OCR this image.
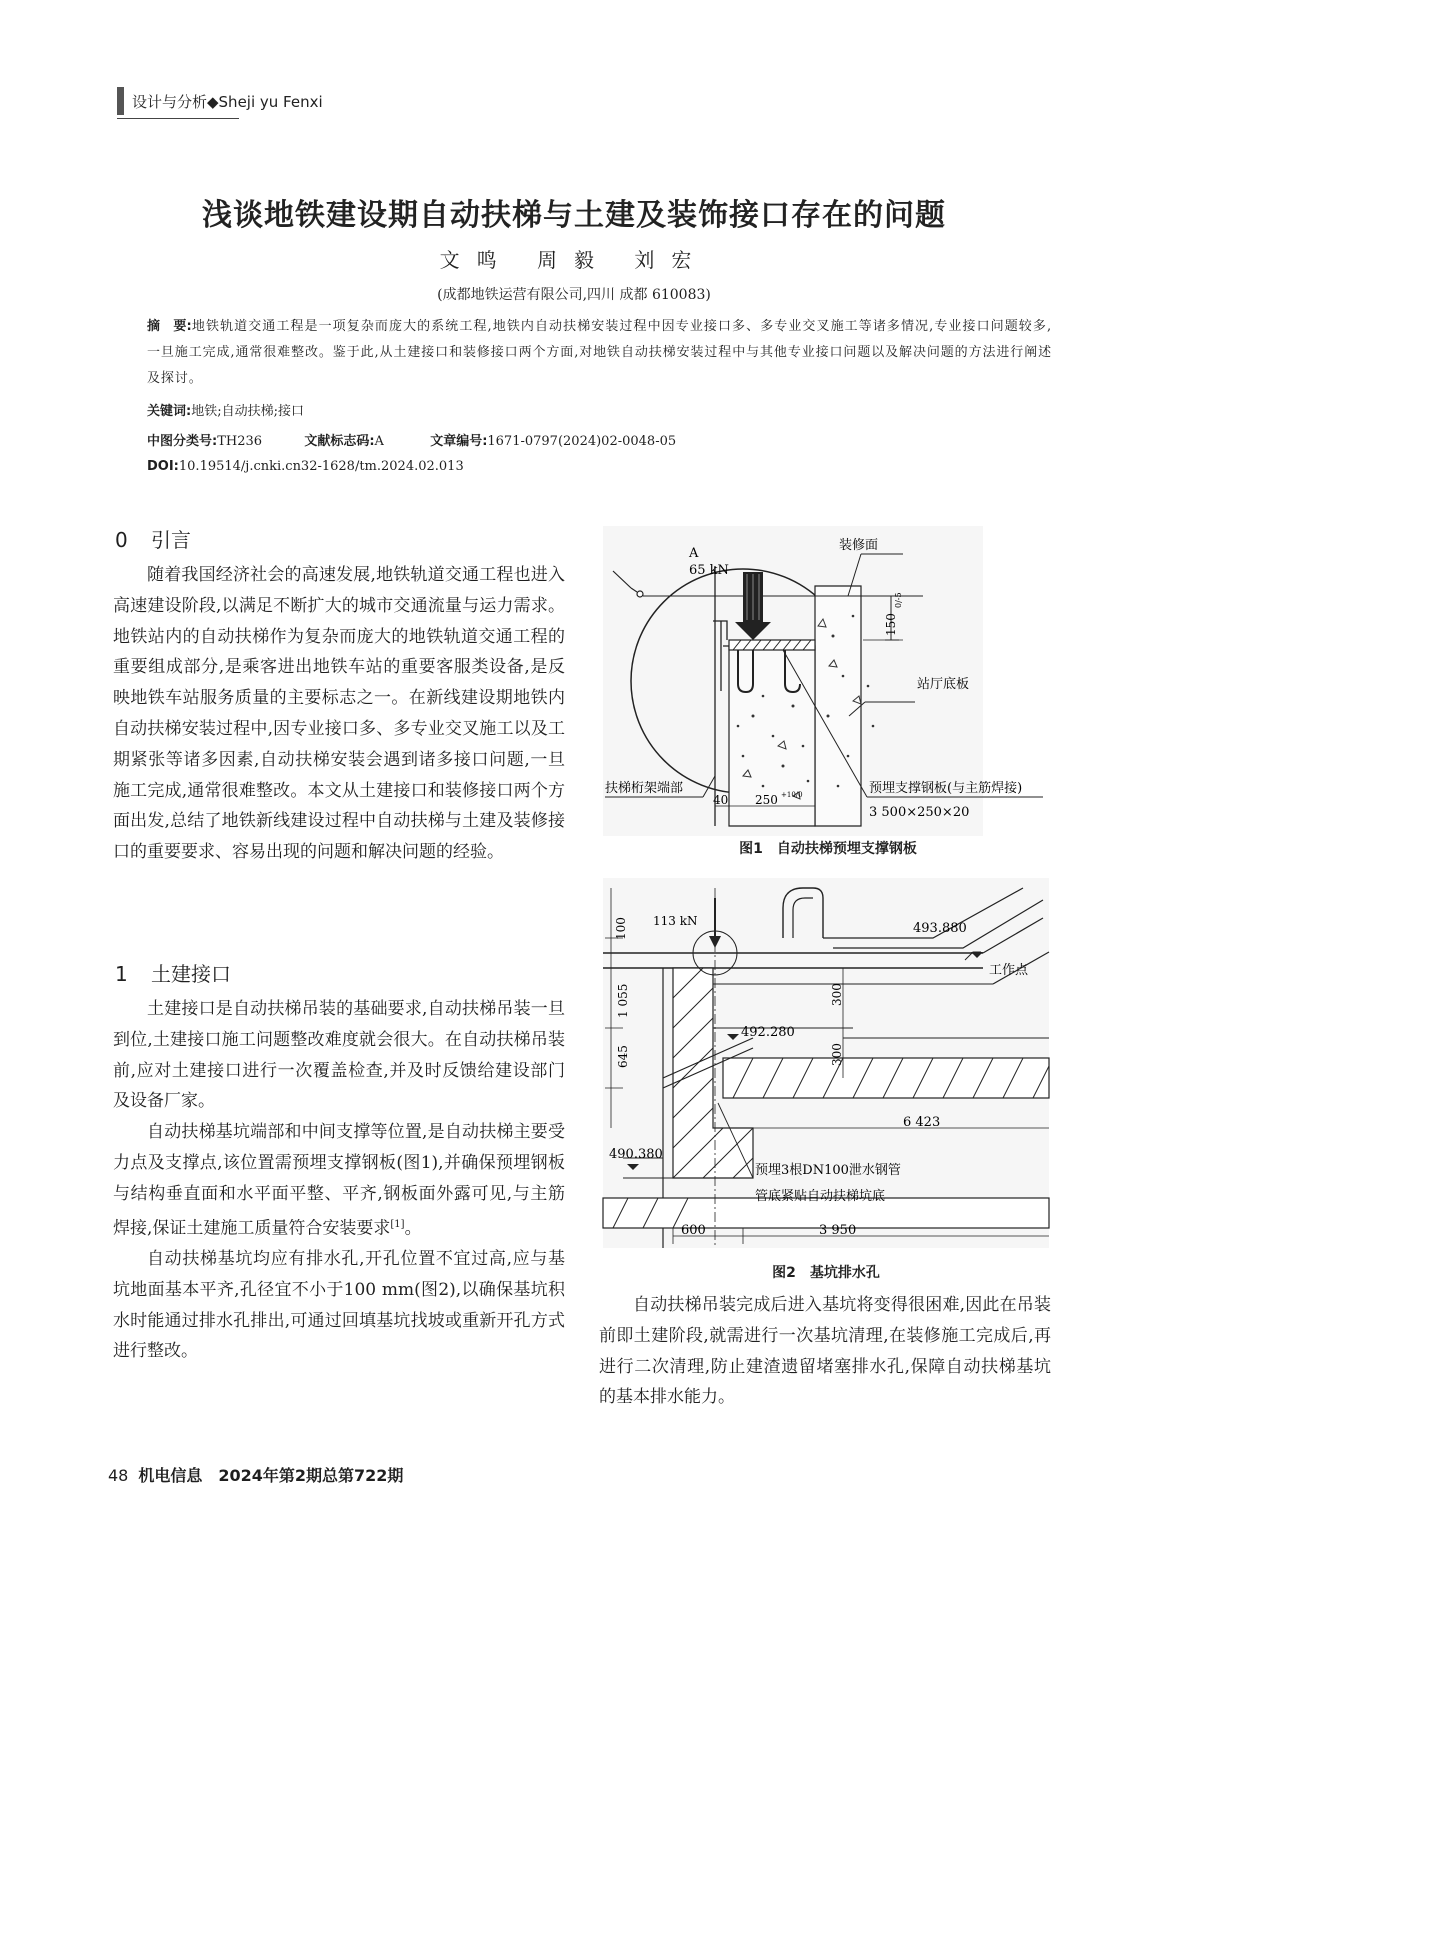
设计与分析◆Sheji yu Fenxi
浅谈地铁建设期自动扶梯与土建及装饰接口存在的问题
文鸣 周毅 刘宏
(成都地铁运营有限公司,四川 成都 610083)
摘　要:地铁轨道交通工程是一项复杂而庞大的系统工程,地铁内自动扶梯安装过程中因专业接口多、多专业交叉施工等诸多情况,专业接口问题较多,一旦施工完成,通常很难整改。鉴于此,从土建接口和装修接口两个方面,对地铁自动扶梯安装过程中与其他专业接口问题以及解决问题的方法进行阐述及探讨。
关键词:地铁;自动扶梯;接口
中图分类号:TH236	文献标志码:A	文章编号:1671-0797(2024)02-0048-05
DOI:10.19514/j.cnki.cn32-1628/tm.2024.02.013
0 引言

随着我国经济社会的高速发展,地铁轨道交通工程也进入高速建设阶段,以满足不断扩大的城市交通流量与运力需求。地铁站内的自动扶梯作为复杂而庞大的地铁轨道交通工程的重要组成部分,是乘客进出地铁车站的重要客服类设备,是反映地铁车站服务质量的主要标志之一。在新线建设期地铁内自动扶梯安装过程中,因专业接口多、多专业交叉施工以及工期紧张等诸多因素,自动扶梯安装会遇到诸多接口问题,一旦施工完成,通常很难整改。本文从土建接口和装修接口两个方面出发,总结了地铁新线建设过程中自动扶梯与土建及装修接口的重要要求、容易出现的问题和解决问题的经验。

1 土建接口

土建接口是自动扶梯吊装的基础要求,自动扶梯吊装一旦到位,土建接口施工问题整改难度就会很大。在自动扶梯吊装前,应对土建接口进行一次覆盖检查,并及时反馈给建设部门及设备厂家。

自动扶梯基坑端部和中间支撑等位置,是自动扶梯主要受力点及支撑点,该位置需预埋支撑钢板(图1),并确保预埋钢板与结构垂直面和水平面平整、平齐,钢板面外露可见,与主筋焊接,保证土建施工质量符合安装要求[1]。

自动扶梯基坑均应有排水孔,开孔位置不宜过高,应与基坑地面基本平齐,孔径宜不小于100 mm(图2),以确保基坑积水时能通过排水孔排出,可通过回填基坑找坡或重新开孔方式进行整改。

A
65 kN
装修面
150
0/-5
站厅底板
扶梯桁架端部	预埋支撑钢板(与主筋焊接)
3 500×250×20
40 250 +10/0
图1　自动扶梯预埋支撑钢板
113 kN
100	493.880
工作点
1 055	300
492.280
645	300
6 423
490.380
预埋3根DN100泄水钢管
管底紧贴自动扶梯坑底
600	3 950
图2　基坑排水孔

自动扶梯吊装完成后进入基坑将变得很困难,因此在吊装前即土建阶段,就需进行一次基坑清理,在装修施工完成后,再进行二次清理,防止建渣遗留堵塞排水孔,保障自动扶梯基坑的基本排水能力。

48 机电信息　2024年第2期总第722期
